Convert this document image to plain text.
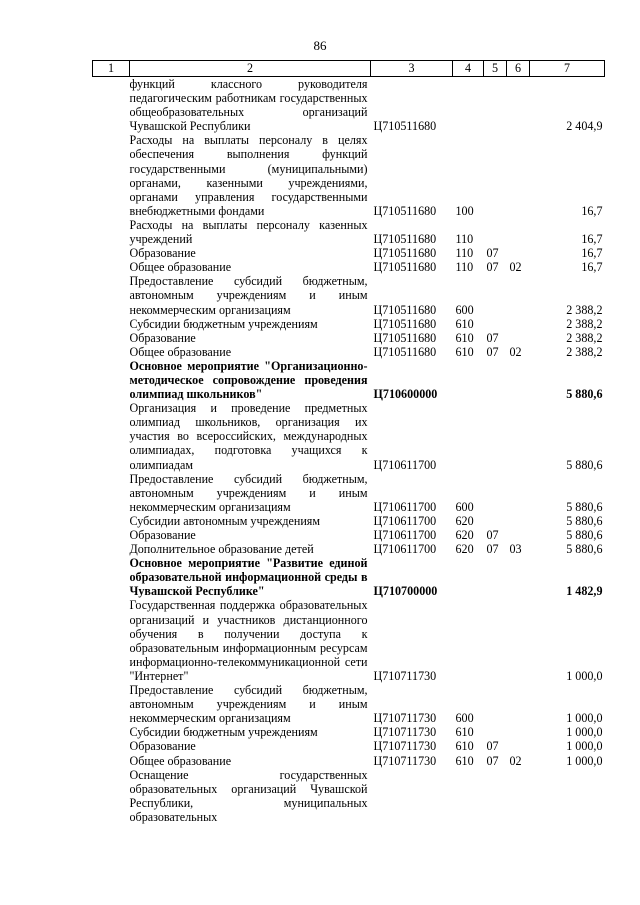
86
1	2	3	4	5	6	7
	функций классного руководителя педагогическим работникам государственных общеобразовательных организаций Чувашской Республики	Ц710511680				2 404,9
	Расходы на выплаты персоналу в целях обеспечения выполнения функций государственными (муниципальными) органами, казенными учреждениями, органами управления государственными внебюджетными фондами	Ц710511680	100			16,7
	Расходы на выплаты персоналу казенных учреждений	Ц710511680	110			16,7
	Образование	Ц710511680	110	07		16,7
	Общее образование	Ц710511680	110	07	02	16,7
	Предоставление субсидий бюджетным, автономным учреждениям и иным некоммерческим организациям	Ц710511680	600			2 388,2
	Субсидии бюджетным учреждениям	Ц710511680	610			2 388,2
	Образование	Ц710511680	610	07		2 388,2
	Общее образование	Ц710511680	610	07	02	2 388,2
	Основное мероприятие "Организационно-методическое сопровождение проведения олимпиад школьников"	Ц710600000				5 880,6
	Организация и проведение предметных олимпиад школьников, организация их участия во всероссийских, международных олимпиадах, подготовка учащихся к олимпиадам	Ц710611700				5 880,6
	Предоставление субсидий бюджетным, автономным учреждениям и иным некоммерческим организациям	Ц710611700	600			5 880,6
	Субсидии автономным учреждениям	Ц710611700	620			5 880,6
	Образование	Ц710611700	620	07		5 880,6
	Дополнительное образование детей	Ц710611700	620	07	03	5 880,6
	Основное мероприятие "Развитие единой образовательной информационной среды в Чувашской Республике"	Ц710700000				1 482,9
	Государственная поддержка образовательных организаций и участников дистанционного обучения в получении доступа к образовательным информационным ресурсам информационно-телекоммуникационной сети "Интернет"	Ц710711730				1 000,0
	Предоставление субсидий бюджетным, автономным учреждениям и иным некоммерческим организациям	Ц710711730	600			1 000,0
	Субсидии бюджетным учреждениям	Ц710711730	610			1 000,0
	Образование	Ц710711730	610	07		1 000,0
	Общее образование	Ц710711730	610	07	02	1 000,0
	Оснащение государственных образовательных организаций Чувашской Республики, муниципальных образовательных					
